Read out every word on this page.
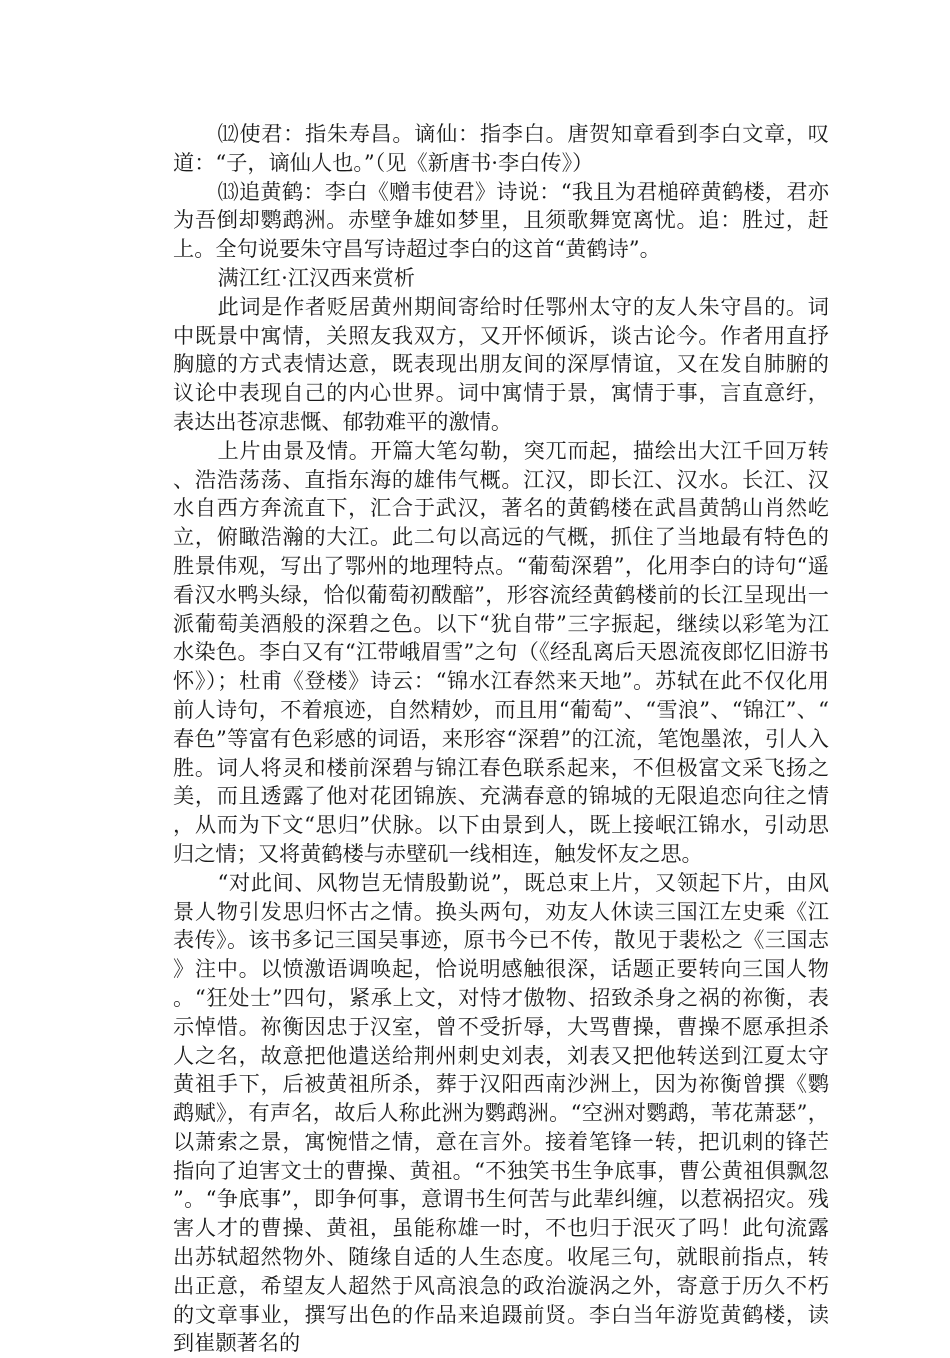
⑿使君：指朱寿昌。谪仙：指李白。唐贺知章看到李白文章，叹道：“子，谪仙人也。”（见《新唐书·李白传》）

⒀追黄鹤：李白《赠韦使君》诗说：“我且为君槌碎黄鹤楼，君亦为吾倒却鹦鹉洲。赤壁争雄如梦里，且须歌舞宽离忧。追：胜过，赶上。全句说要朱守昌写诗超过李白的这首“黄鹤诗”。

满江红·江汉西来赏析

此词是作者贬居黄州期间寄给时任鄂州太守的友人朱守昌的。词中既景中寓情，关照友我双方，又开怀倾诉，谈古论今。作者用直抒胸臆的方式表情达意，既表现出朋友间的深厚情谊，又在发自肺腑的议论中表现自己的内心世界。词中寓情于景，寓情于事，言直意纡，表达出苍凉悲慨、郁勃难平的激情。

上片由景及情。开篇大笔勾勒，突兀而起，描绘出大江千回万转、浩浩荡荡、直指东海的雄伟气概。江汉，即长江、汉水。长江、汉水自西方奔流直下，汇合于武汉，著名的黄鹤楼在武昌黄鹄山肖然屹立，俯瞰浩瀚的大江。此二句以高远的气概，抓住了当地最有特色的胜景伟观，写出了鄂州的地理特点。“葡萄深碧”，化用李白的诗句“遥看汉水鸭头绿，恰似葡萄初酦醅”，形容流经黄鹤楼前的长江呈现出一派葡萄美酒般的深碧之色。以下“犹自带”三字振起，继续以彩笔为江水染色。李白又有“江带峨眉雪”之句（《经乱离后天恩流夜郎忆旧游书怀》）；杜甫《登楼》诗云：“锦水江春然来天地”。苏轼在此不仅化用前人诗句，不着痕迹，自然精妙，而且用“葡萄”、“雪浪”、“锦江”、“春色”等富有色彩感的词语，来形容“深碧”的江流，笔饱墨浓，引人入胜。词人将灵和楼前深碧与锦江春色联系起来，不但极富文采飞扬之美，而且透露了他对花团锦族、充满春意的锦城的无限追恋向往之情，从而为下文“思归”伏脉。以下由景到人，既上接岷江锦水，引动思归之情；又将黄鹤楼与赤壁矶一线相连，触发怀友之思。

“对此间、风物岂无情殷勤说”，既总束上片，又领起下片，由风景人物引发思归怀古之情。换头两句，劝友人休读三国江左史乘《江表传》。该书多记三国吴事迹，原书今已不传，散见于裴松之《三国志》注中。以愤激语调唤起，恰说明感触很深，话题正要转向三国人物。“狂处士”四句，紧承上文，对恃才傲物、招致杀身之祸的祢衡，表示悼惜。祢衡因忠于汉室，曾不受折辱，大骂曹操，曹操不愿承担杀人之名，故意把他遣送给荆州刺史刘表，刘表又把他转送到江夏太守黄祖手下，后被黄祖所杀，葬于汉阳西南沙洲上，因为祢衡曾撰《鹦鹉赋》，有声名，故后人称此洲为鹦鹉洲。“空洲对鹦鹉，苇花萧瑟”，以萧索之景，寓惋惜之情，意在言外。接着笔锋一转，把讥刺的锋芒指向了迫害文士的曹操、黄祖。“不独笑书生争底事，曹公黄祖俱飘忽”。“争底事”，即争何事，意谓书生何苦与此辈纠缠，以惹祸招灾。残害人才的曹操、黄祖，虽能称雄一时，不也归于泯灭了吗！此句流露出苏轼超然物外、随缘自适的人生态度。收尾三句，就眼前指点，转出正意，希望友人超然于风高浪急的政治漩涡之外，寄意于历久不朽的文章事业，撰写出色的作品来追蹑前贤。李白当年游览黄鹤楼，读到崔颢著名的
